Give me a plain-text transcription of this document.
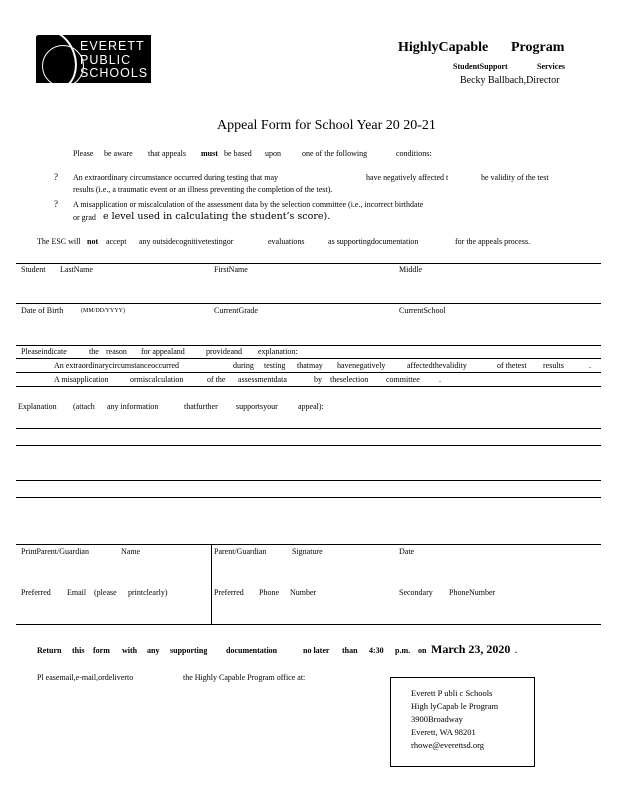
EVERETT
PUBLIC
SCHOOLS
HighlyCapable Program
StudentSupport	Services
Becky Ballbach,Director
Appeal Form for School Year 20 20-21
Please be aware that appeals must be based upon	one of the following	conditions:
? An extraordinary circumstance occurred during testing that may	have negatively affected t	he validity of the test
results (i.e., a traumatic event or an illness preventing the completion of the test).
? A misapplication or miscalculation of the assessment data by the selection committee (i.e., incorrect birthdate
or grad e level used in calculating the student’s score).
The ESC will not accept any outsidecognitivetestingor	evaluations	as supportingdocumentation	for the appeals process.
Student LastName	FirstName	Middle
Date of Birth	(MM/DD/YYYY)	CurrentGrade	CurrentSchool
Pleaseindicate	the reason for appealand	provideand explanation:
An extraordinarycircumstanceoccurred	during testing thatmay havenegatively	affectedthevalidity	of thetest results	.
A misapplication	ormiscalculation	of the assessmentdata	by theselection committee .
Explanation (attach any information	thatfurther supportsyour	appeal):
PrintParent/Guardian	Name	Parent/Guardian	Signature	Date
Preferred Email (please printclearly)	Preferred Phone Number	Secondary PhoneNumber
Return this form with any supporting documentation	no later than 4:30 p.m. on March 23, 2020 .
Pl easemail,e-mail,ordeliverto	the Highly Capable Program office at:
Everett P ubli c Schools
High lyCapab le Program
3900Broadway
Everett, WA 98201
rhowe@everettsd.org
